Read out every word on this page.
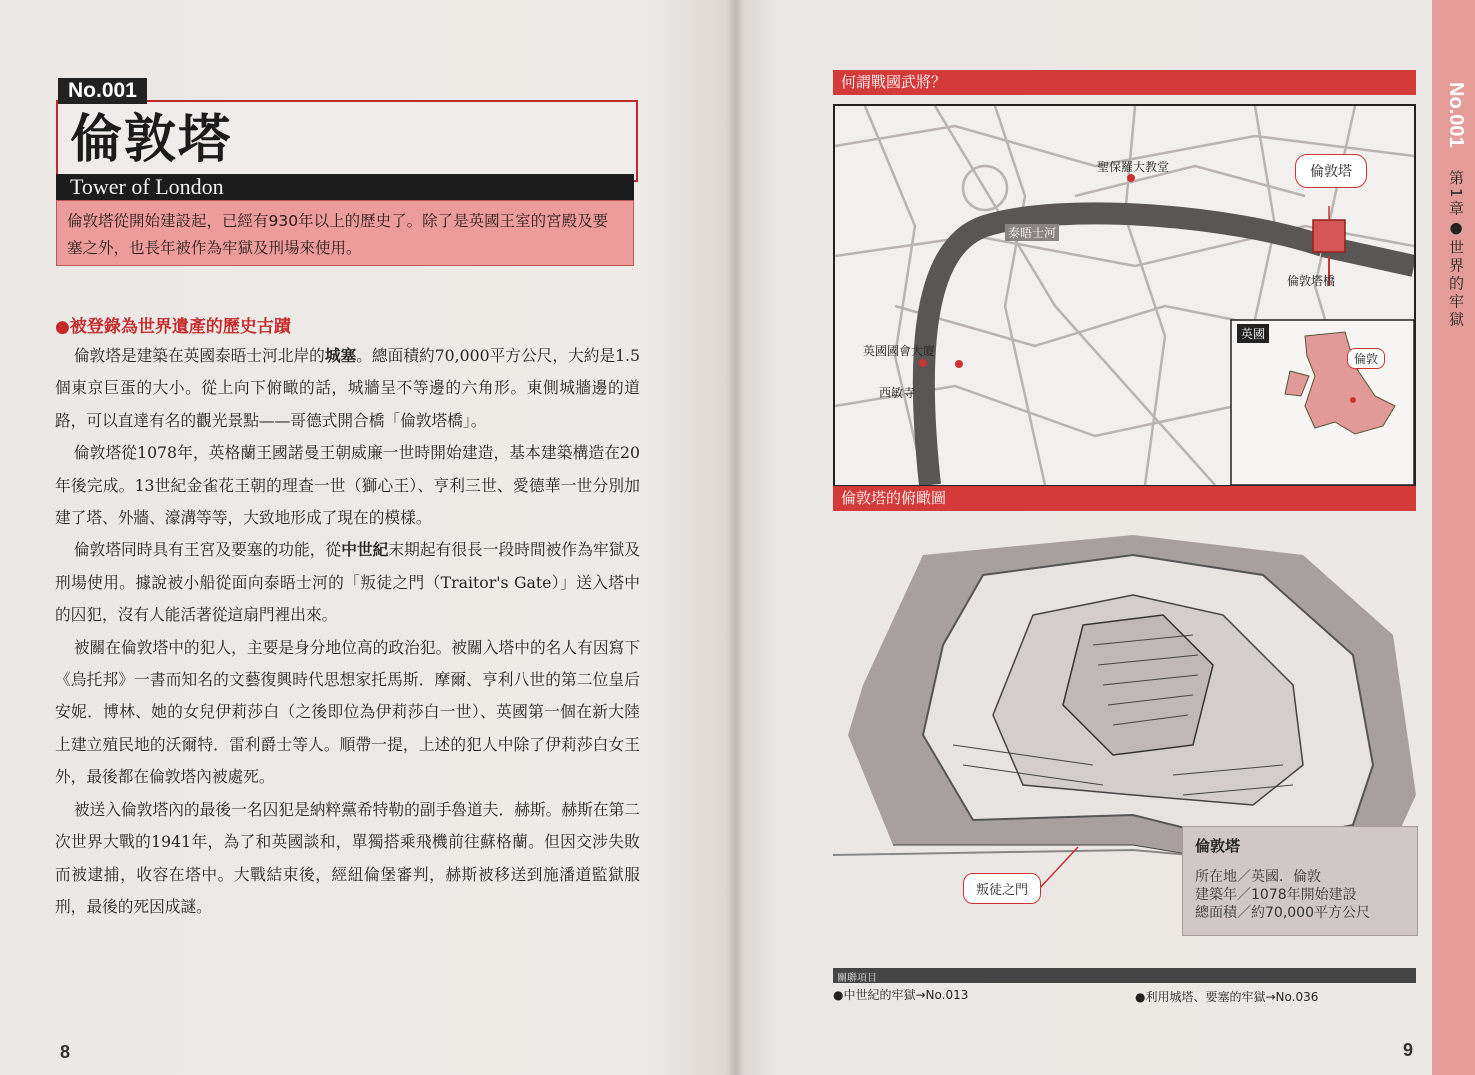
倫敦塔
No.001
Tower of London
倫敦塔從開始建設起，已經有930年以上的歷史了。除了是英國王室的宮殿及要塞之外，也長年被作為牢獄及刑場來使用。
●被登錄為世界遺產的歷史古蹟

倫敦塔是建築在英國泰晤士河北岸的城塞。總面積約70,000平方公尺，大約是1.5個東京巨蛋的大小。從上向下俯瞰的話，城牆呈不等邊的六角形。東側城牆邊的道路，可以直達有名的觀光景點——哥德式開合橋「倫敦塔橋」。

倫敦塔從1078年，英格蘭王國諾曼王朝威廉一世時開始建造，基本建築構造在20年後完成。13世紀金雀花王朝的理查一世（獅心王）、亨利三世、愛德華一世分別加建了塔、外牆、濠溝等等，大致地形成了現在的模樣。

倫敦塔同時具有王宮及要塞的功能，從中世紀末期起有很長一段時間被作為牢獄及刑場使用。據說被小船從面向泰晤士河的「叛徒之門（Traitor's Gate）」送入塔中的囚犯，沒有人能活著從這扇門裡出來。

被關在倫敦塔中的犯人，主要是身分地位高的政治犯。被關入塔中的名人有因寫下《烏托邦》一書而知名的文藝復興時代思想家托馬斯．摩爾、亨利八世的第二位皇后安妮．博林、她的女兒伊莉莎白（之後即位為伊莉莎白一世）、英國第一個在新大陸上建立殖民地的沃爾特．雷利爵士等人。順帶一提，上述的犯人中除了伊莉莎白女王外，最後都在倫敦塔內被處死。

被送入倫敦塔內的最後一名囚犯是納粹黨希特勒的副手魯道夫．赫斯。赫斯在第二次世界大戰的1941年，為了和英國談和，單獨搭乘飛機前往蘇格蘭。但因交涉失敗而被逮捕，收容在塔中。大戰結束後，經紐倫堡審判，赫斯被移送到施潘道監獄服刑，最後的死因成謎。

8
何謂戰國武將？
倫敦塔
聖保羅大教堂
泰晤士河
倫敦塔橋
英國國會大廈
西敏寺
英國
倫敦
倫敦塔的俯瞰圖
叛徒之門
倫敦塔
所在地／英國．倫敦
建築年／1078年開始建設
總面積／約70,000平方公尺
關聯項目
●中世紀的牢獄→No.013	●利用城塔、要塞的牢獄→No.036
No.001
第1章●世界的牢獄
9
